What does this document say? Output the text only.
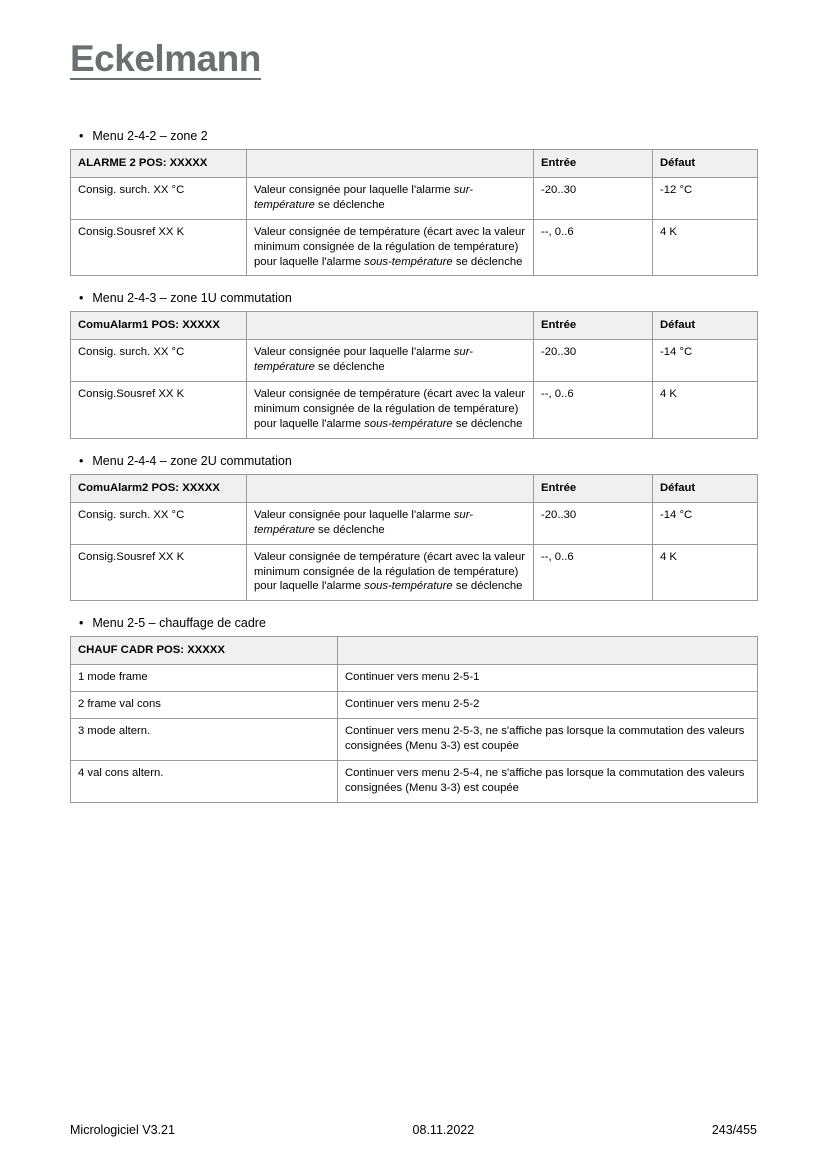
Eckelmann
• Menu 2-4-2 – zone 2
ALARME 2 POS: XXXXX		Entrée	Défaut
Consig. surch. XX °C	Valeur consignée pour laquelle l'alarme sur-température se déclenche	-20..30	-12 °C
Consig.Sousref XX K	Valeur consignée de température (écart avec la valeur minimum consignée de la régulation de température) pour laquelle l'alarme sous-température se déclenche	--, 0..6	4 K
• Menu 2-4-3 – zone 1U commutation
ComuAlarm1 POS: XXXXX		Entrée	Défaut
Consig. surch. XX °C	Valeur consignée pour laquelle l'alarme sur-température se déclenche	-20..30	-14 °C
Consig.Sousref XX K	Valeur consignée de température (écart avec la valeur minimum consignée de la régulation de température) pour laquelle l'alarme sous-température se déclenche	--, 0..6	4 K
• Menu 2-4-4 – zone 2U commutation
ComuAlarm2 POS: XXXXX		Entrée	Défaut
Consig. surch. XX °C	Valeur consignée pour laquelle l'alarme sur-température se déclenche	-20..30	-14 °C
Consig.Sousref XX K	Valeur consignée de température (écart avec la valeur minimum consignée de la régulation de température) pour laquelle l'alarme sous-température se déclenche	--, 0..6	4 K
• Menu 2-5 – chauffage de cadre
CHAUF CADR POS: XXXXX	
1 mode frame	Continuer vers menu 2-5-1
2 frame val cons	Continuer vers menu 2-5-2
3 mode altern.	Continuer vers menu 2-5-3, ne s'affiche pas lorsque la commutation des valeurs consignées (Menu 3-3) est coupée
4 val cons altern.	Continuer vers menu 2-5-4, ne s'affiche pas lorsque la commutation des valeurs consignées (Menu 3-3) est coupée
Micrologiciel V3.21	08.11.2022	243/455
